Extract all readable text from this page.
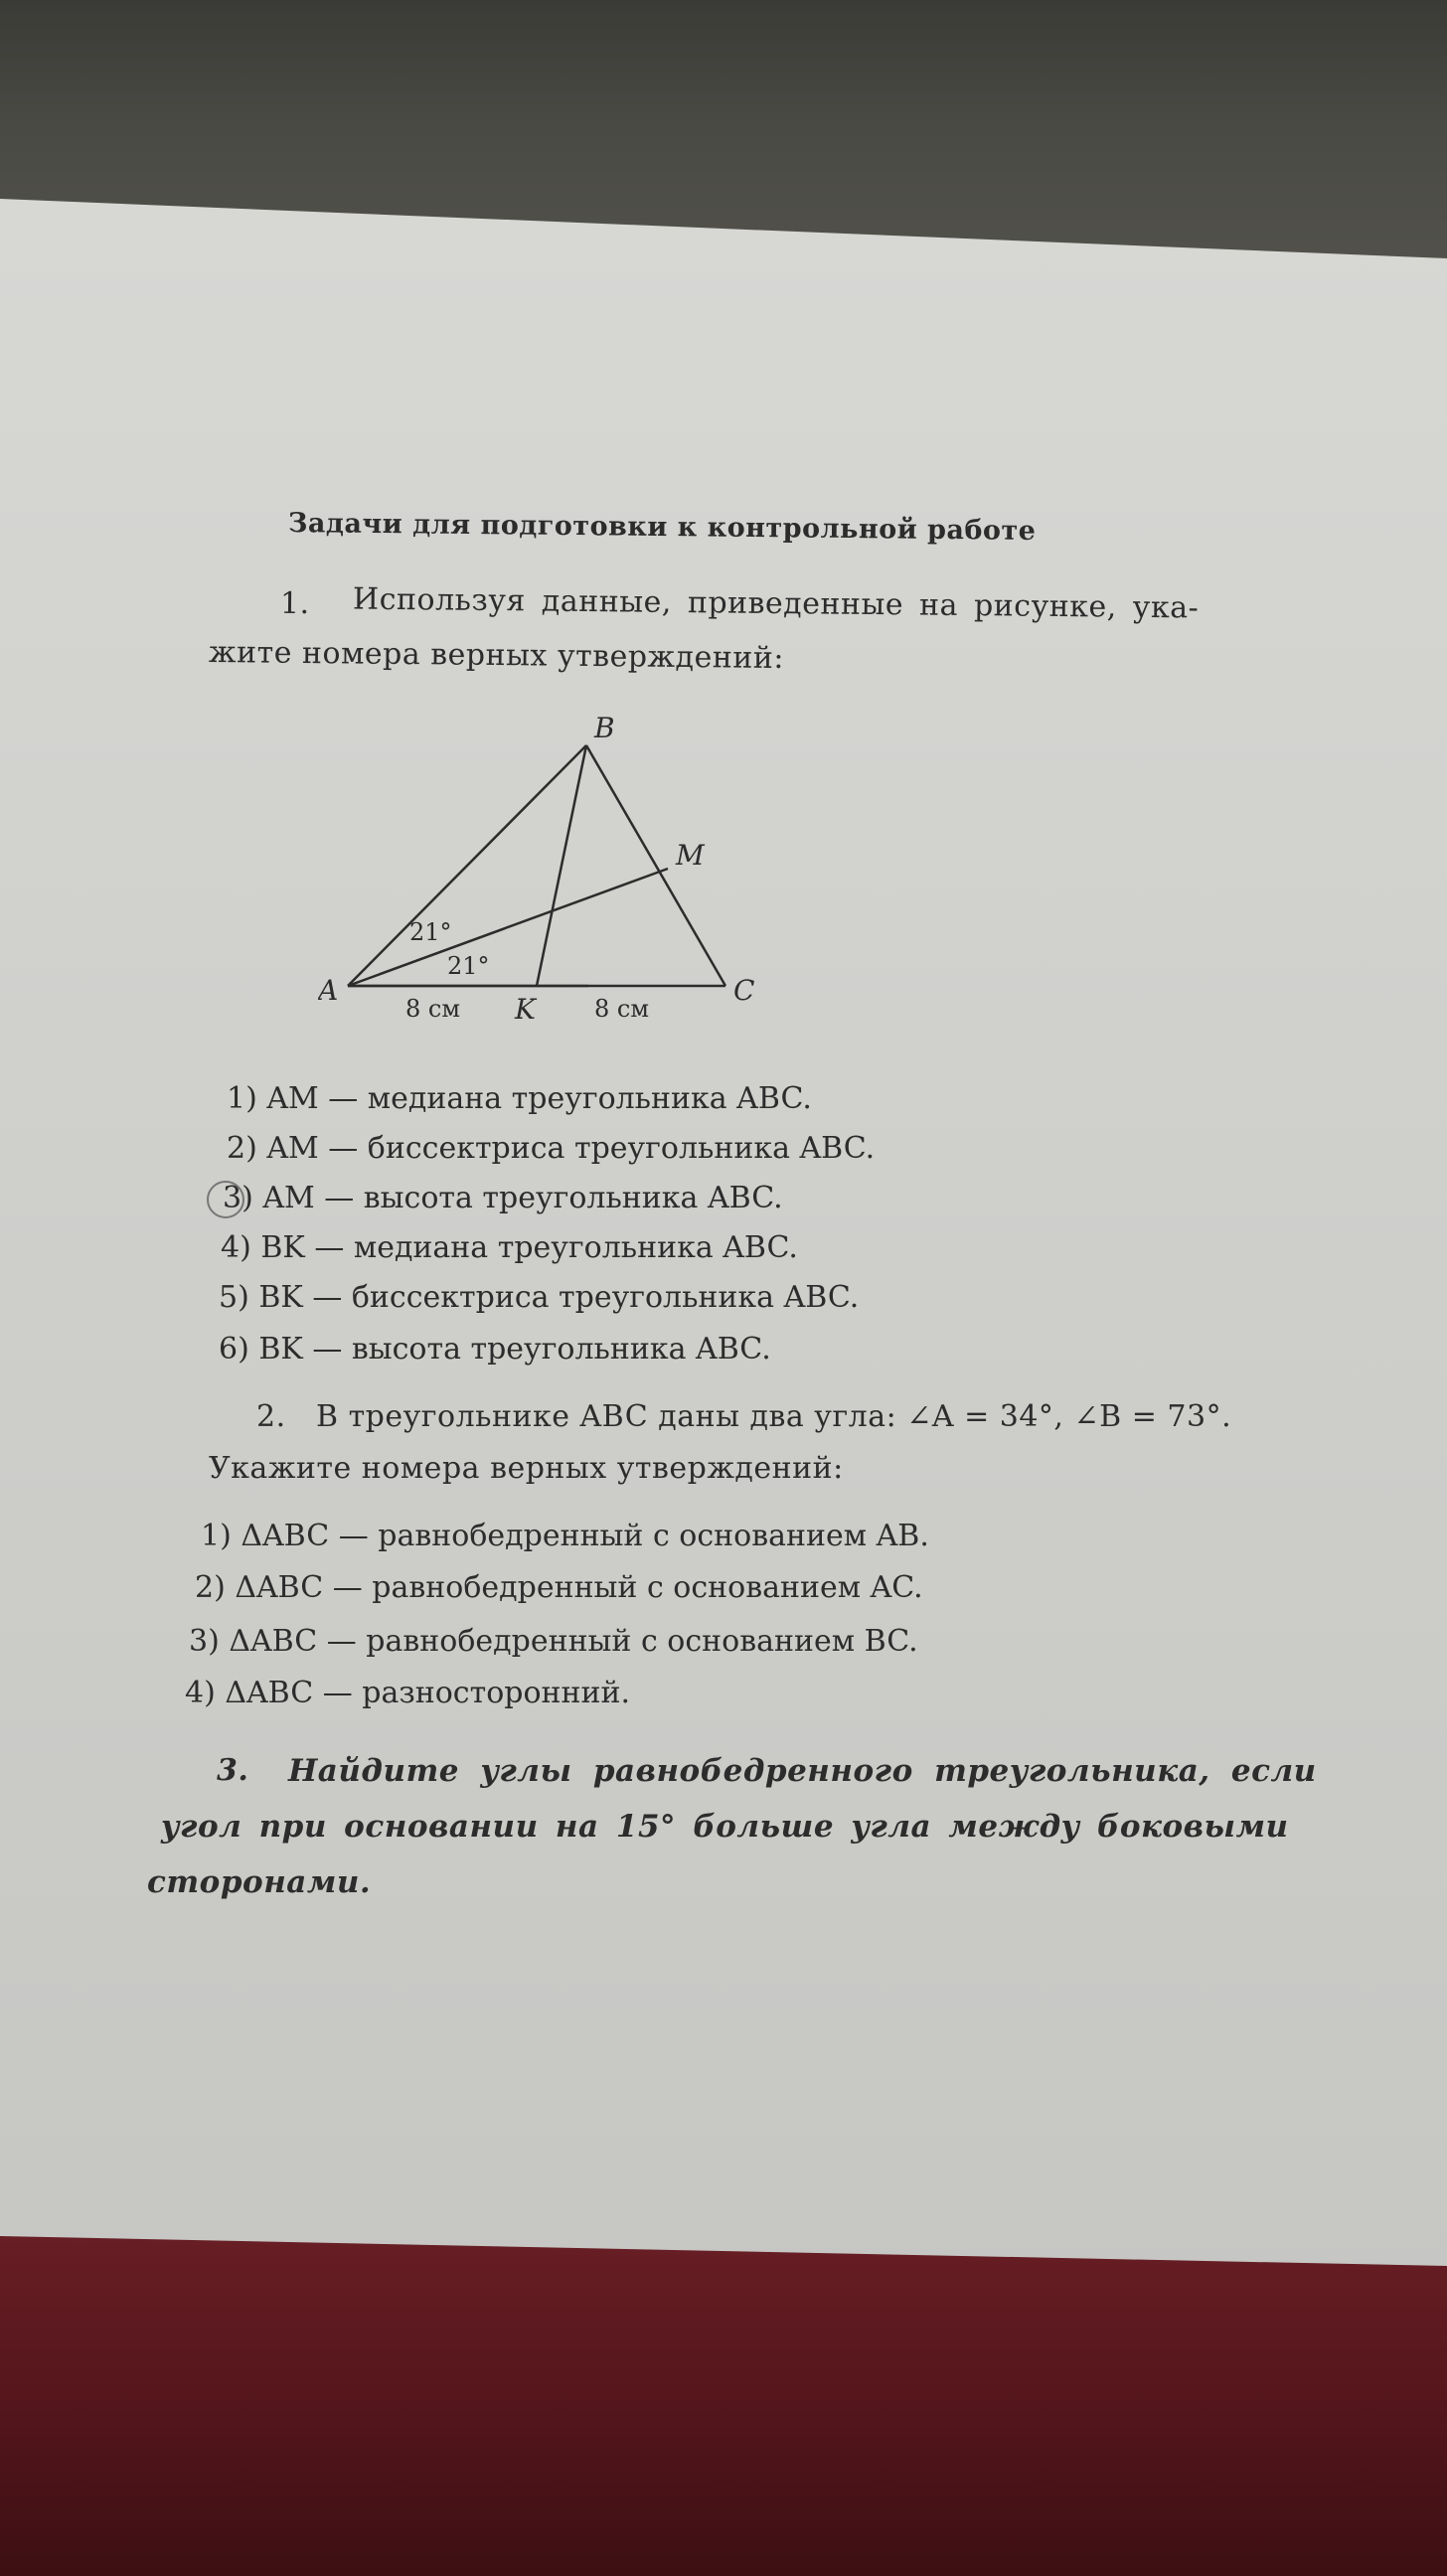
Задачи для подготовки к контрольной работе
1. Используя данные, приведенные на рисунке, ука-
жите номера верных утверждений:
B
M
A
K
C
21°
21°
8 см	8 см
1) AM — медиана треугольника ABC.
2) AM — биссектриса треугольника ABC.
3) AM — высота треугольника ABC.
4) BK — медиана треугольника ABC.
5) BK — биссектриса треугольника ABC.
6) BK — высота треугольника ABC.
2. В треугольнике ABC даны два угла: ∠A = 34°, ∠B = 73°.
Укажите номера верных утверждений:
1) ΔABC — равнобедренный с основанием AB.
2) ΔABC — равнобедренный с основанием AC.
3) ΔABC — равнобедренный с основанием BC.
4) ΔABC — разносторонний.
3. Найдите углы равнобедренного треугольника, если
угол при основании на 15° больше угла между боковыми
сторонами.
